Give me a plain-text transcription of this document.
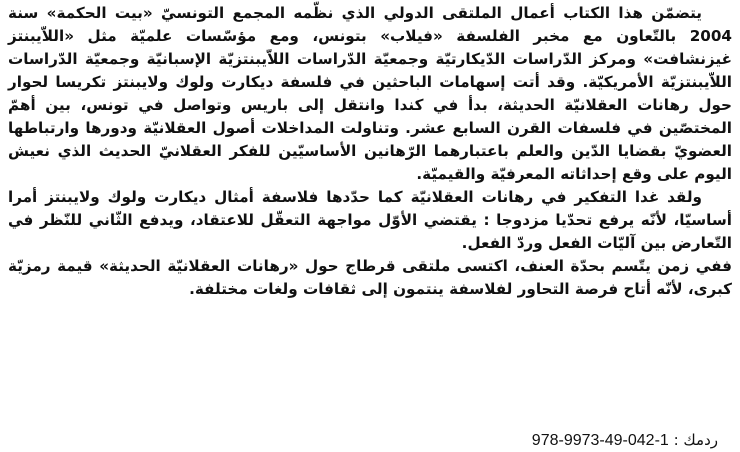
يتضمّن هذا الكتاب أعمال الملتقى الدولي الذي نظّمه المجمع التونسيّ «بيت الحكمة» سنة 2004 بالتّعاون مع مخبر الفلسفة «فيلاب» بتونس، ومع مؤسّسات علميّة مثل «اللاّيبنتز غيزنشافت» ومركز الدّراسات الدّيكارتيّة وجمعيّة الدّراسات اللاّيبنتزيّة الإسبانيّة وجمعيّة الدّراسات اللاّيبنتزيّة الأمريكيّة. وقد أتت إسهامات الباحثين في فلسفة ديكارت ولوك ولايبنتز تكريسا لحوار حول رهانات العقلانيّة الحديثة، بدأ في كندا وانتقل إلى باريس وتواصل في تونس، بين أهمّ المختصّين في فلسفات القرن السابع عشر. وتناولت المداخلات أصول العقلانيّة ودورها وارتباطها العضويّ بقضايا الدّين والعلم باعتبارهما الرّهانين الأساسيّين للفكر العقلانيّ الحديث الذي نعيش اليوم على وقع إحداثاته المعرفيّة والقيميّة.

ولقد غدا التفكير في رهانات العقلانيّة كما حدّدها فلاسفة أمثال ديكارت ولوك ولايبنتز أمرا أساسيّا، لأنّه يرفع تحدّيا مزدوجا : يقتضي الأوّل مواجهة التعقّل للاعتقاد، ويدفع الثّاني للنّظر في التّعارض بين آليّات الفعل وردّ الفعل.

ففي زمن يتّسم بحدّة العنف، اكتسى ملتقى قرطاج حول «رهانات العقلانيّة الحديثة» قيمة رمزيّة كبرى، لأنّه أتاح فرصة التحاور لفلاسفة ينتمون إلى ثقافات ولغات مختلفة.

ردمك : 978-9973-49-042-1
